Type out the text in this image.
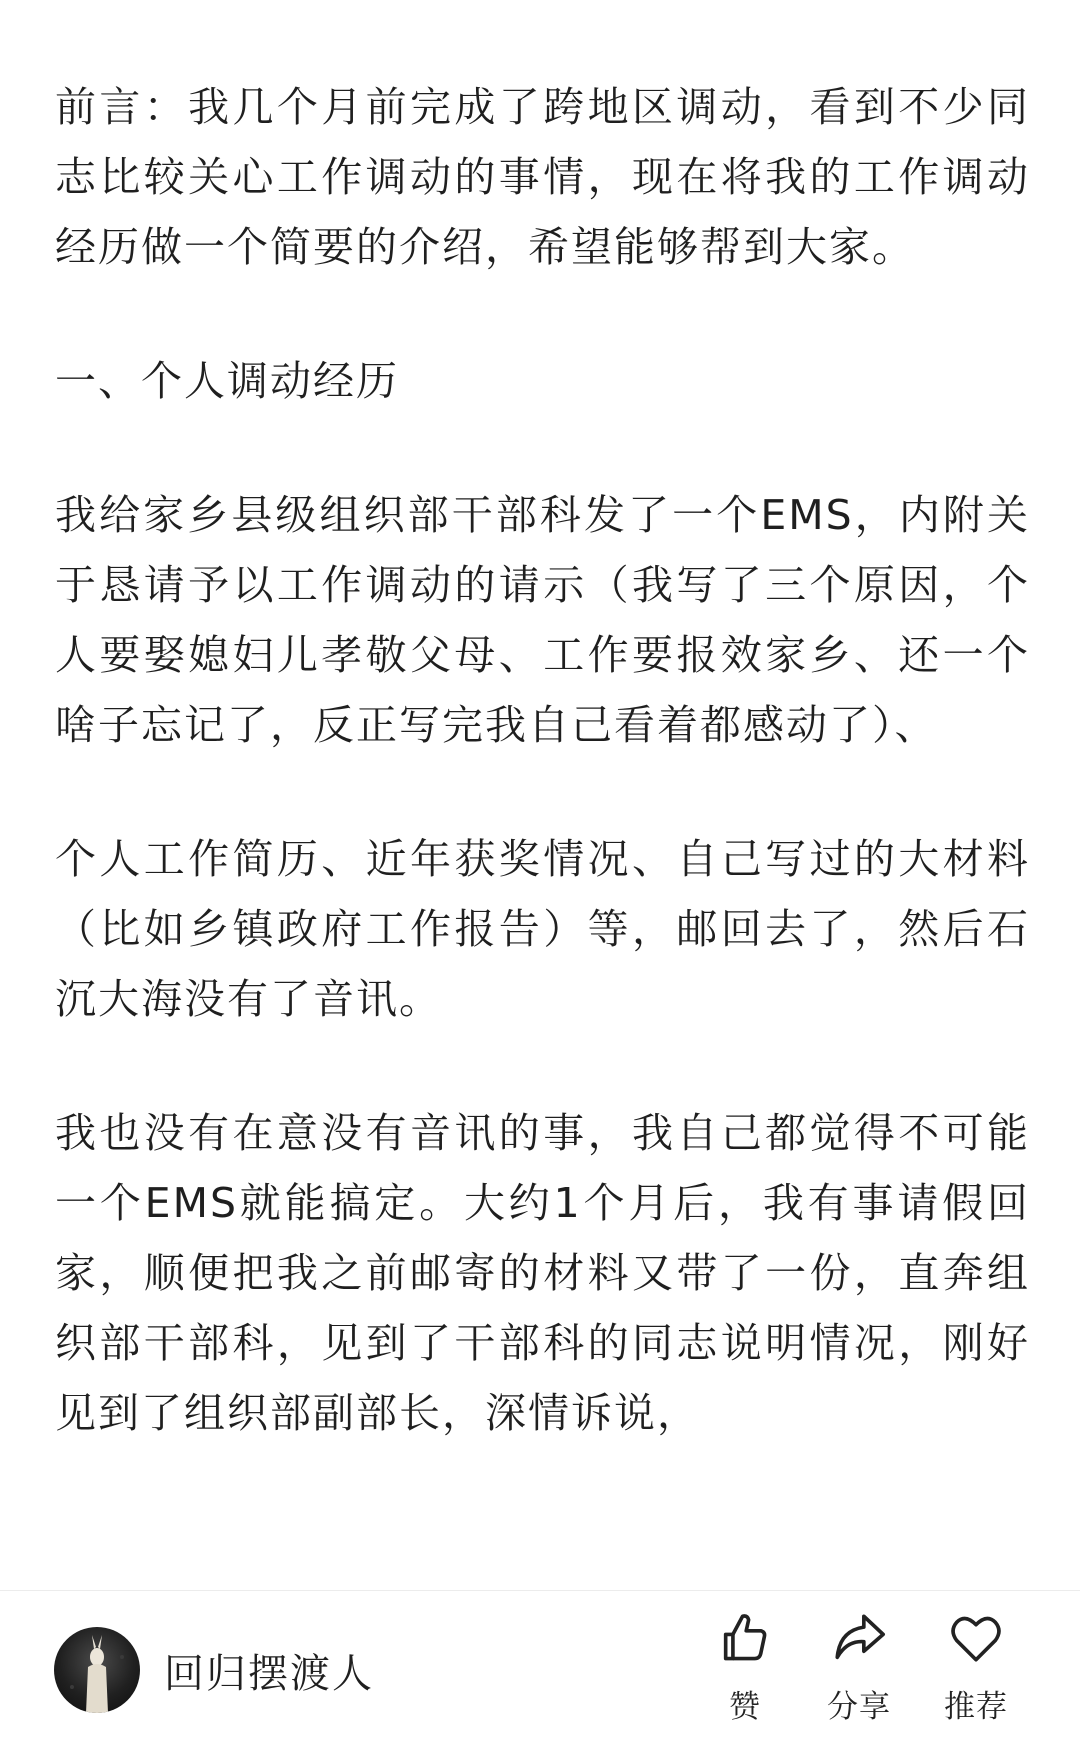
前言：我几个月前完成了跨地区调动，看到不少同志比较关心工作调动的事情，现在将我的工作调动经历做一个简要的介绍，希望能够帮到大家。

一、个人调动经历

我给家乡县级组织部干部科发了一个EMS，内附关于恳请予以工作调动的请示（我写了三个原因，个人要娶媳妇儿孝敬父母、工作要报效家乡、还一个啥子忘记了，反正写完我自己看着都感动了）、

个人工作简历、近年获奖情况、自己写过的大材料（比如乡镇政府工作报告）等，邮回去了，然后石沉大海没有了音讯。

我也没有在意没有音讯的事，我自己都觉得不可能一个EMS就能搞定。大约1个月后，我有事请假回家，顺便把我之前邮寄的材料又带了一份，直奔组织部干部科，见到了干部科的同志说明情况，刚好见到了组织部副部长，深情诉说，

回归摆渡人
赞	分享	推荐
